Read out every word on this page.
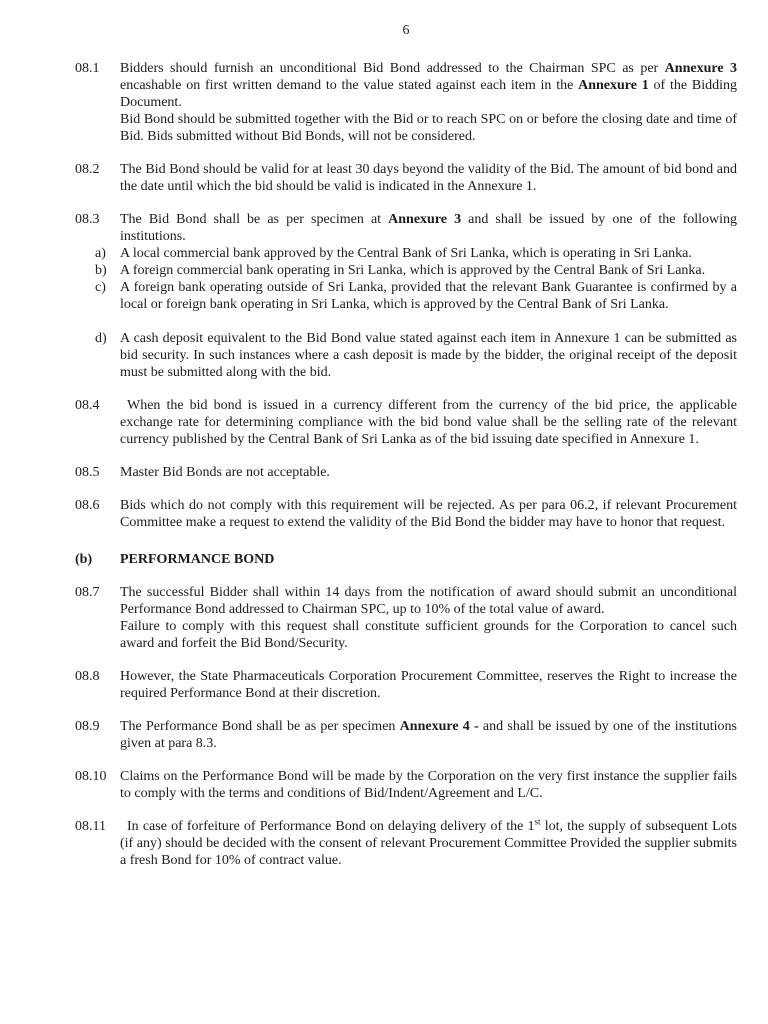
6
08.1 Bidders should furnish an unconditional Bid Bond addressed to the Chairman SPC as per Annexure 3 encashable on first written demand to the value stated against each item in the Annexure 1 of the Bidding Document.

Bid Bond should be submitted together with the Bid or to reach SPC on or before the closing date and time of Bid. Bids submitted without Bid Bonds, will not be considered.

08.2 The Bid Bond should be valid for at least 30 days beyond the validity of the Bid. The amount of bid bond and the date until which the bid should be valid is indicated in the Annexure 1.

08.3 The Bid Bond shall be as per specimen at Annexure 3 and shall be issued by one of the following institutions.

a) A local commercial bank approved by the Central Bank of Sri Lanka, which is operating in Sri Lanka.

b) A foreign commercial bank operating in Sri Lanka, which is approved by the Central Bank of Sri Lanka.

c) A foreign bank operating outside of Sri Lanka, provided that the relevant Bank Guarantee is confirmed by a local or foreign bank operating in Sri Lanka, which is approved by the Central Bank of Sri Lanka.

d) A cash deposit equivalent to the Bid Bond value stated against each item in Annexure 1 can be submitted as bid security. In such instances where a cash deposit is made by the bidder, the original receipt of the deposit must be submitted along with the bid.

08.4	When the bid bond is issued in a currency different from the currency of the bid price, the applicable exchange rate for determining compliance with the bid bond value shall be the selling rate of the relevant currency published by the Central Bank of Sri Lanka as of the bid issuing date specified in Annexure 1.

08.5 Master Bid Bonds are not acceptable.

08.6 Bids which do not comply with this requirement will be rejected. As per para 06.2, if relevant Procurement Committee make a request to extend the validity of the Bid Bond the bidder may have to honor that request.

(b) PERFORMANCE BOND

08.7 The successful Bidder shall within 14 days from the notification of award should submit an unconditional Performance Bond addressed to Chairman SPC, up to 10% of the total value of award.

Failure to comply with this request shall constitute sufficient grounds for the Corporation to cancel such award and forfeit the Bid Bond/Security.

08.8 However, the State Pharmaceuticals Corporation Procurement Committee, reserves the Right to increase the required Performance Bond at their discretion.

08.9 The Performance Bond shall be as per specimen Annexure 4 - and shall be issued by one of the institutions given at para 8.3.

08.10 Claims on the Performance Bond will be made by the Corporation on the very first instance the supplier fails to comply with the terms and conditions of Bid/Indent/Agreement and L/C.

08.11	In case of forfeiture of Performance Bond on delaying delivery of the 1st lot, the supply of subsequent Lots (if any) should be decided with the consent of relevant Procurement Committee Provided the supplier submits a fresh Bond for 10% of contract value.
